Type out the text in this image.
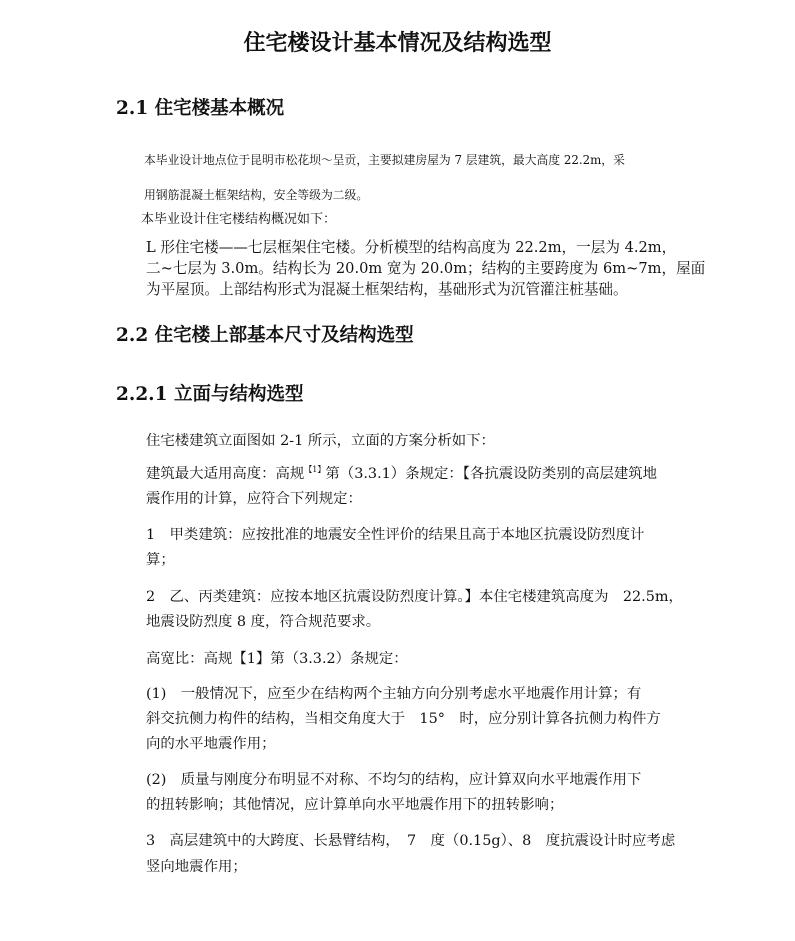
住宅楼设计基本情况及结构选型
2.1 住宅楼基本概况

本毕业设计地点位于昆明市松花坝～呈贡，主要拟建房屋为 7 层建筑，最大高度 22.2m，采

用钢筋混凝土框架结构，安全等级为二级。

本毕业设计住宅楼结构概况如下：

L 形住宅楼——七层框架住宅楼。分析模型的结构高度为 22.2m，一层为 4.2m，

二~七层为 3.0m。结构长为 20.0m 宽为 20.0m；结构的主要跨度为 6m~7m，屋面

为平屋顶。上部结构形式为混凝土框架结构，基础形式为沉管灌注桩基础。

2.2 住宅楼上部基本尺寸及结构选型
2.2.1 立面与结构选型

住宅楼建筑立面图如 2-1 所示，立面的方案分析如下：

建筑最大适用高度：高规$^{【1】}$第（3.3.1）条规定：【各抗震设防类别的高层建筑地

震作用的计算，应符合下列规定：

1　甲类建筑：应按批准的地震安全性评价的结果且高于本地区抗震设防烈度计

算；

2　乙、丙类建筑：应按本地区抗震设防烈度计算。】本住宅楼建筑高度为　22.5m，

地震设防烈度 8 度，符合规范要求。

高宽比：高规【1】第（3.3.2）条规定：

(1)　一般情况下，应至少在结构两个主轴方向分别考虑水平地震作用计算；有

斜交抗侧力构件的结构，当相交角度大于　15°　时，应分别计算各抗侧力构件方

向的水平地震作用；

(2)　质量与刚度分布明显不对称、不均匀的结构，应计算双向水平地震作用下

的扭转影响；其他情况，应计算单向水平地震作用下的扭转影响；

3　高层建筑中的大跨度、长悬臂结构，　7　度（0.15g）、8　度抗震设计时应考虑

竖向地震作用；
